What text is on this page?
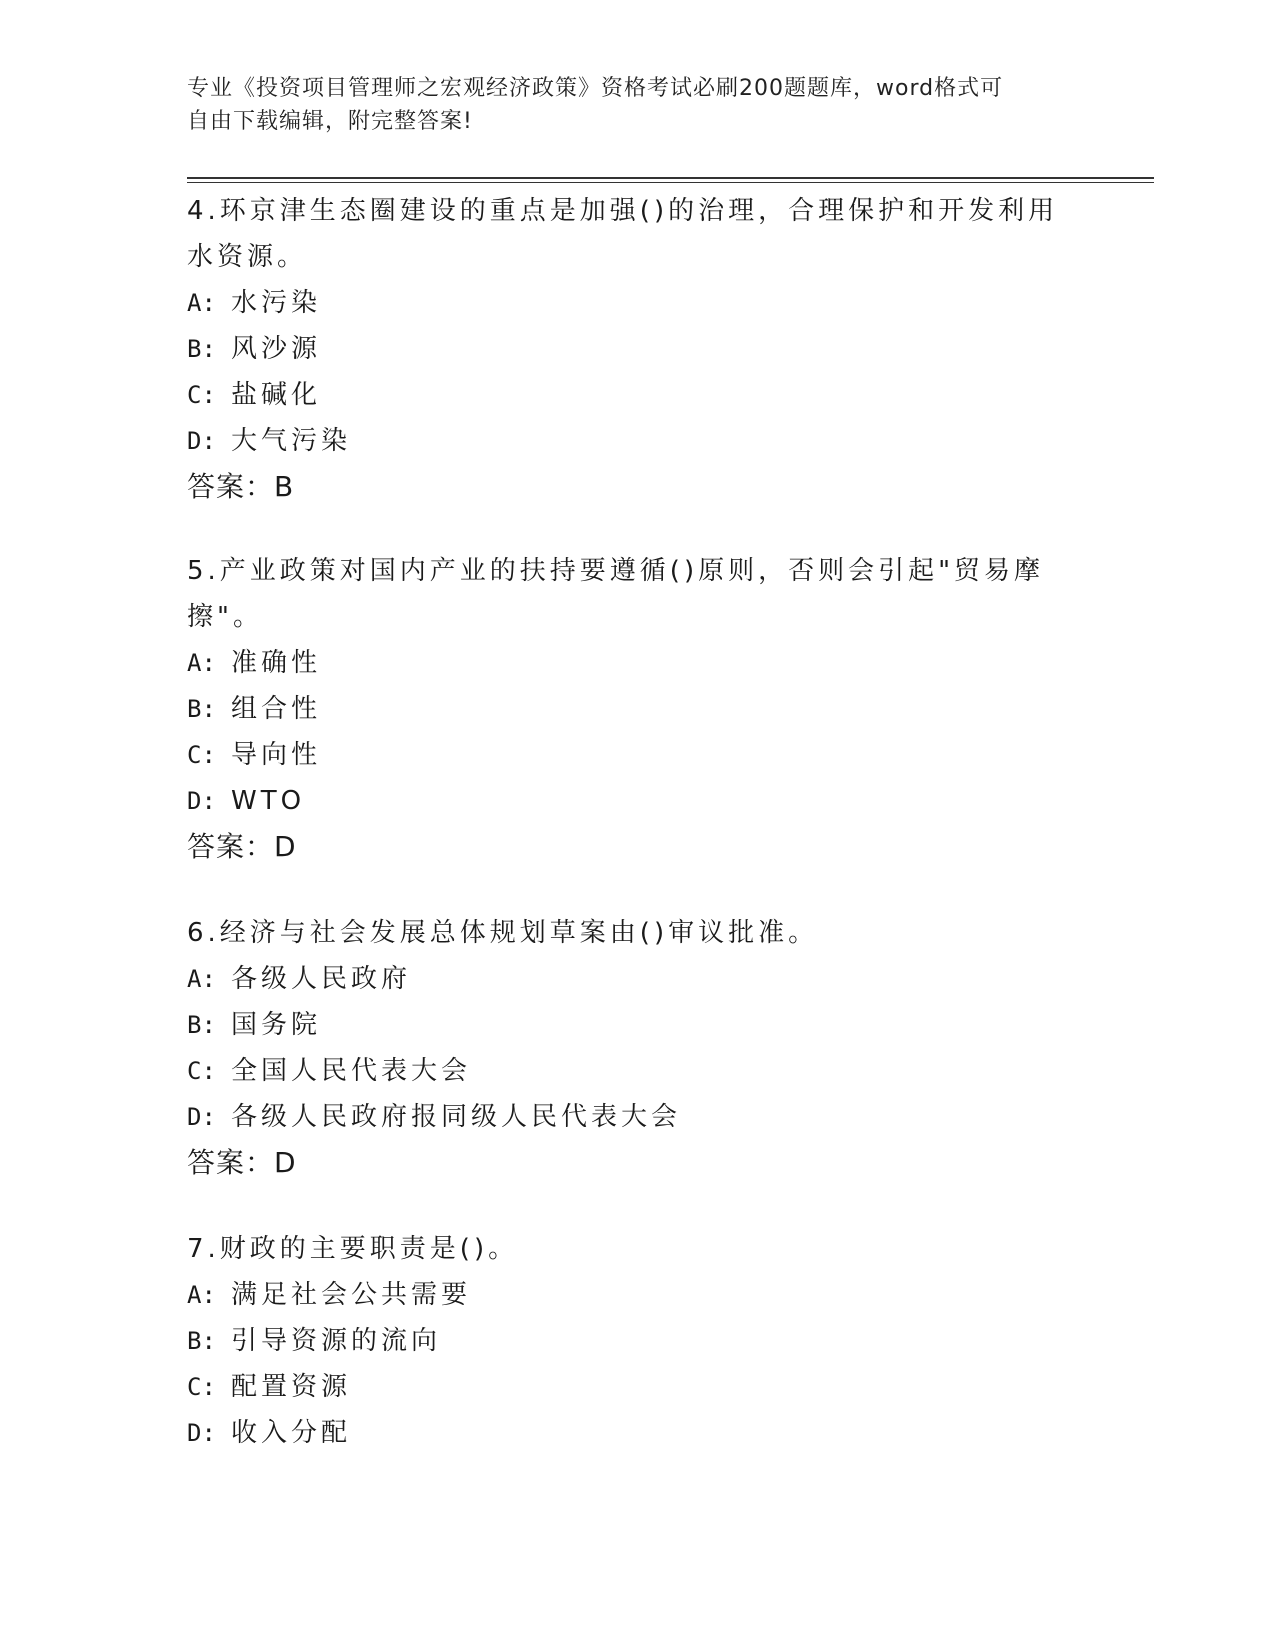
专业《投资项目管理师之宏观经济政策》资格考试必刷200题题库，word格式可
自由下载编辑，附完整答案!

4.环京津生态圈建设的重点是加强()的治理，合理保护和开发利用水资源。

A: 水污染

B: 风沙源

C: 盐碱化

D: 大气污染

答案：B

5.产业政策对国内产业的扶持要遵循()原则，否则会引起"贸易摩擦"。

A: 准确性

B: 组合性

C: 导向性

D: WTO

答案：D

6.经济与社会发展总体规划草案由()审议批准。

A: 各级人民政府

B: 国务院

C: 全国人民代表大会

D: 各级人民政府报同级人民代表大会

答案：D

7.财政的主要职责是()。

A: 满足社会公共需要

B: 引导资源的流向

C: 配置资源

D: 收入分配
